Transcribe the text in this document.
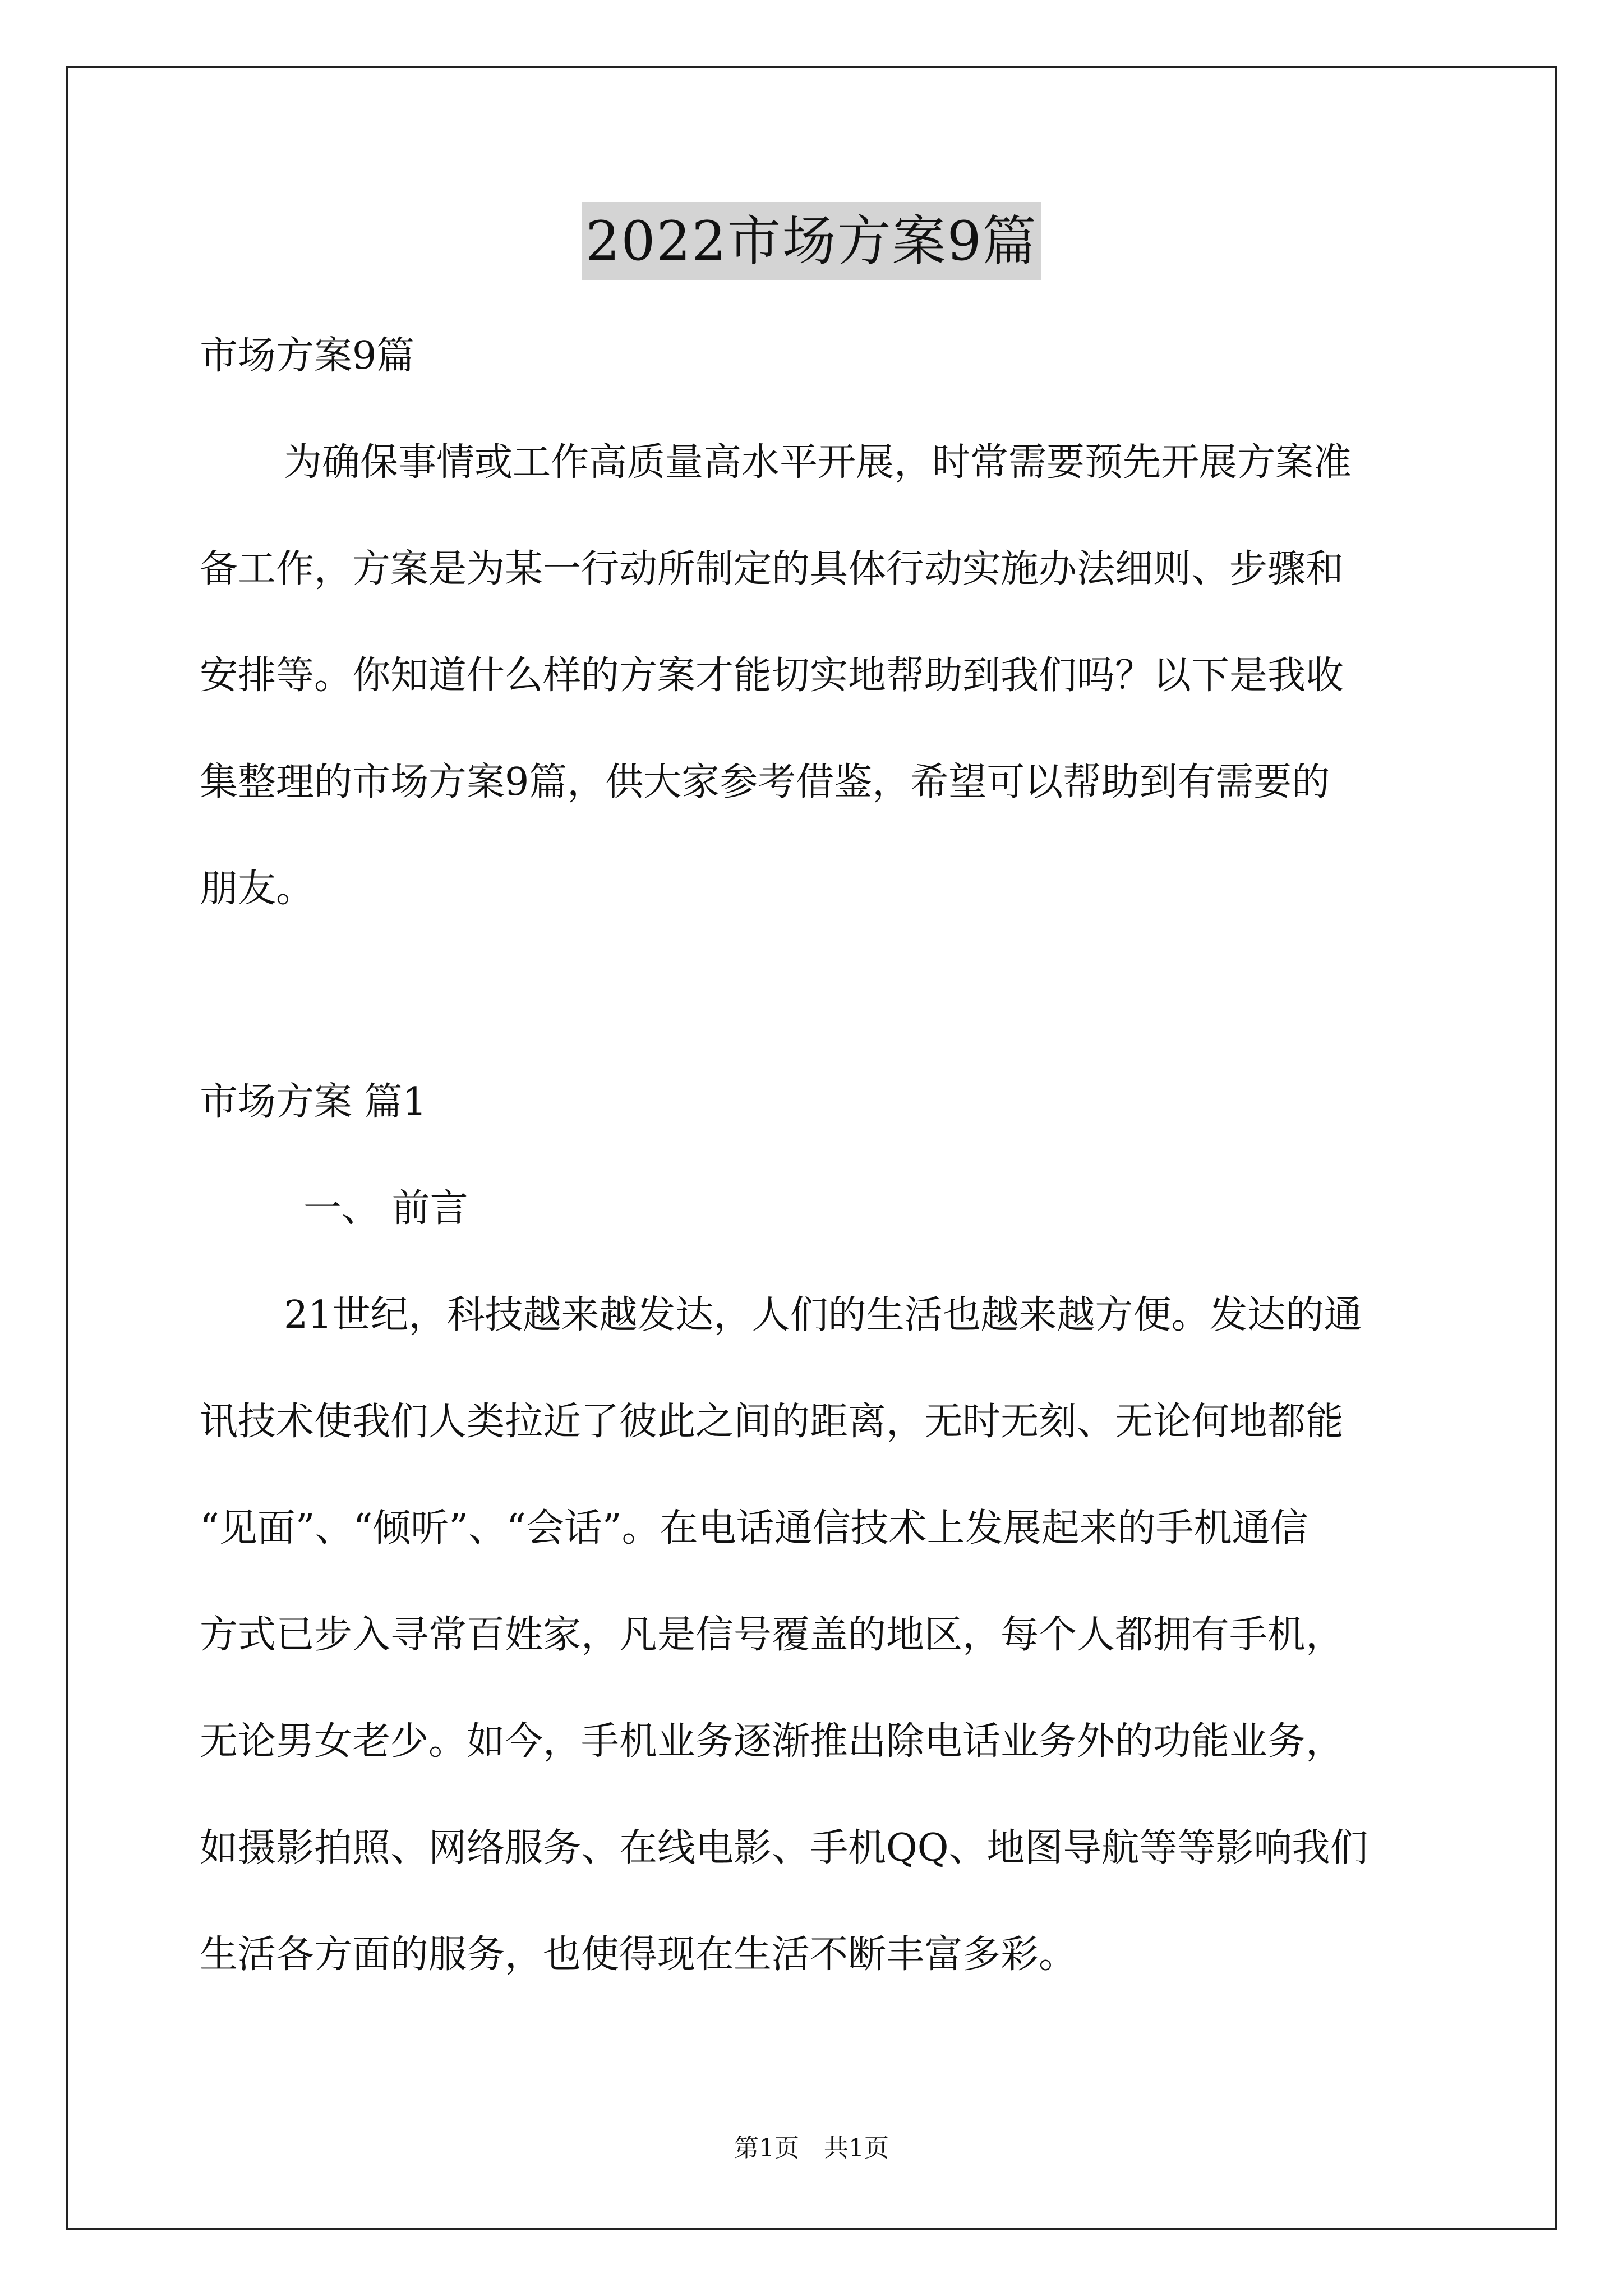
2022市场方案9篇
市场方案9篇
为确保事情或工作高质量高水平开展，时常需要预先开展方案准
备工作，方案是为某一行动所制定的具体行动实施办法细则、步骤和
安排等。你知道什么样的方案才能切实地帮助到我们吗？以下是我收
集整理的市场方案9篇，供大家参考借鉴，希望可以帮助到有需要的
朋友。
市场方案 篇1
一、 前言
21世纪，科技越来越发达，人们的生活也越来越方便。发达的通
讯技术使我们人类拉近了彼此之间的距离，无时无刻、无论何地都能
“见面”、“倾听”、“会话”。在电话通信技术上发展起来的手机通信
方式已步入寻常百姓家，凡是信号覆盖的地区，每个人都拥有手机，
无论男女老少。如今，手机业务逐渐推出除电话业务外的功能业务，
如摄影拍照、网络服务、在线电影、手机QQ、地图导航等等影响我们
生活各方面的服务，也使得现在生活不断丰富多彩。
第1页　共1页
